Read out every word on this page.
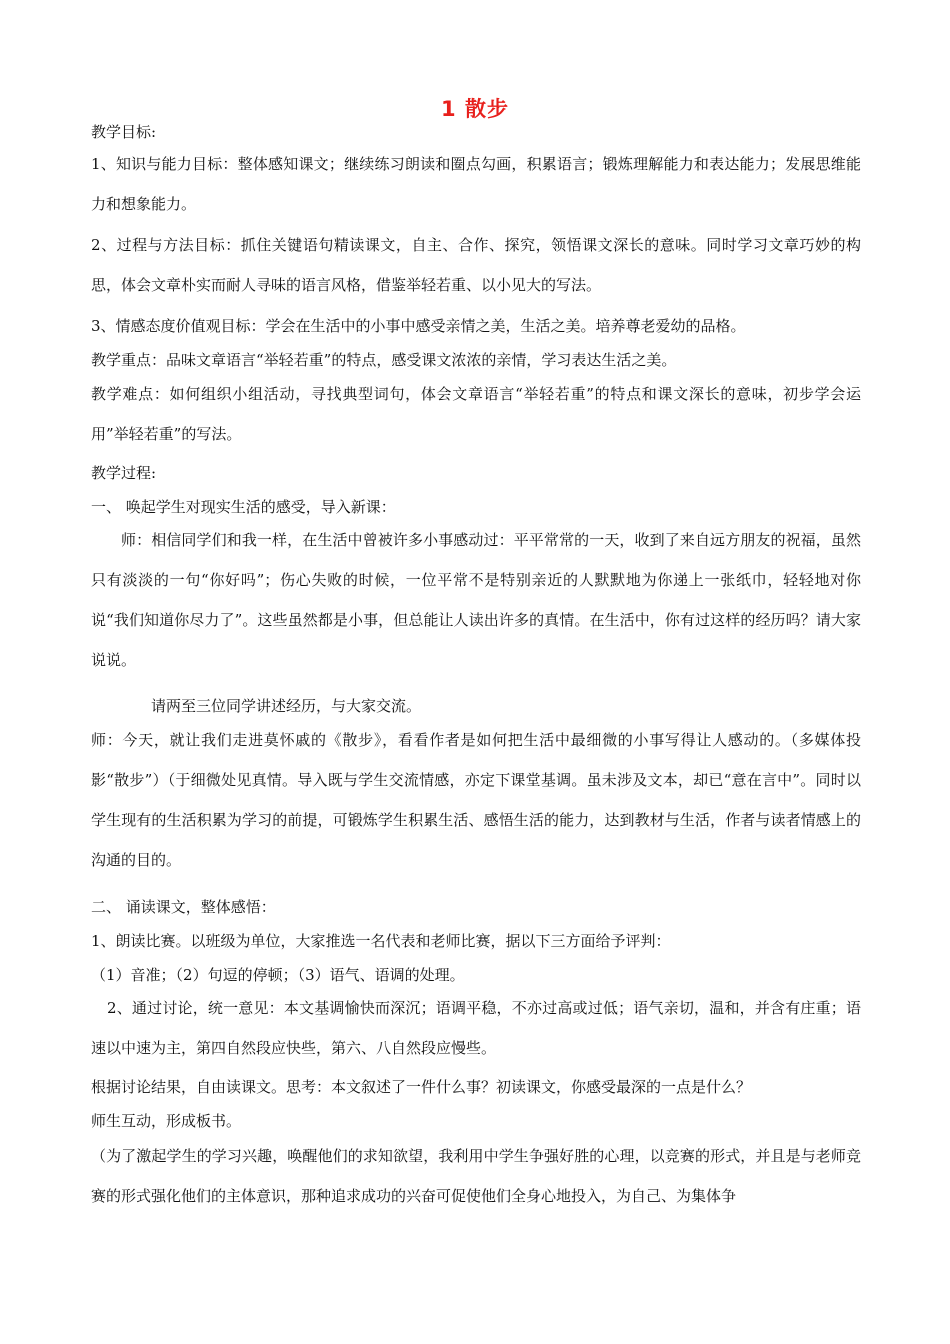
1 散步
教学目标:
1、知识与能力目标：整体感知课文；继续练习朗读和圈点勾画，积累语言；锻炼理解能力和表达能力；发展思维能力和想象能力。
2、过程与方法目标：抓住关键语句精读课文，自主、合作、探究，领悟课文深长的意味。同时学习文章巧妙的构思，体会文章朴实而耐人寻味的语言风格，借鉴举轻若重、以小见大的写法。
3、情感态度价值观目标：学会在生活中的小事中感受亲情之美，生活之美。培养尊老爱幼的品格。
教学重点：品味文章语言“举轻若重”的特点，感受课文浓浓的亲情，学习表达生活之美。
教学难点：如何组织小组活动，寻找典型词句，体会文章语言“举轻若重”的特点和课文深长的意味，初步学会运用”举轻若重”的写法。
教学过程:
一、 唤起学生对现实生活的感受，导入新课：
师：相信同学们和我一样，在生活中曾被许多小事感动过：平平常常的一天，收到了来自远方朋友的祝福，虽然只有淡淡的一句“你好吗”；伤心失败的时候，一位平常不是特别亲近的人默默地为你递上一张纸巾，轻轻地对你说“我们知道你尽力了”。这些虽然都是小事，但总能让人读出许多的真情。在生活中，你有过这样的经历吗？请大家说说。
请两至三位同学讲述经历，与大家交流。
师：今天，就让我们走进莫怀戚的《散步》，看看作者是如何把生活中最细微的小事写得让人感动的。（多媒体投影“散步”）（于细微处见真情。导入既与学生交流情感，亦定下课堂基调。虽未涉及文本，却已“意在言中”。同时以学生现有的生活积累为学习的前提，可锻炼学生积累生活、感悟生活的能力，达到教材与生活，作者与读者情感上的沟通的目的。
二、 诵读课文，整体感悟：
1、朗读比赛。以班级为单位，大家推选一名代表和老师比赛，据以下三方面给予评判：
（1）音准；（2）句逗的停顿；（3）语气、语调的处理。
2、通过讨论，统一意见：本文基调愉快而深沉；语调平稳，不亦过高或过低；语气亲切，温和，并含有庄重；语速以中速为主，第四自然段应快些，第六、八自然段应慢些。
根据讨论结果，自由读课文。思考：本文叙述了一件什么事？初读课文，你感受最深的一点是什么？
师生互动，形成板书。
（为了激起学生的学习兴趣，唤醒他们的求知欲望，我利用中学生争强好胜的心理，以竞赛的形式，并且是与老师竞赛的形式强化他们的主体意识，那种追求成功的兴奋可促使他们全身心地投入，为自己、为集体争
